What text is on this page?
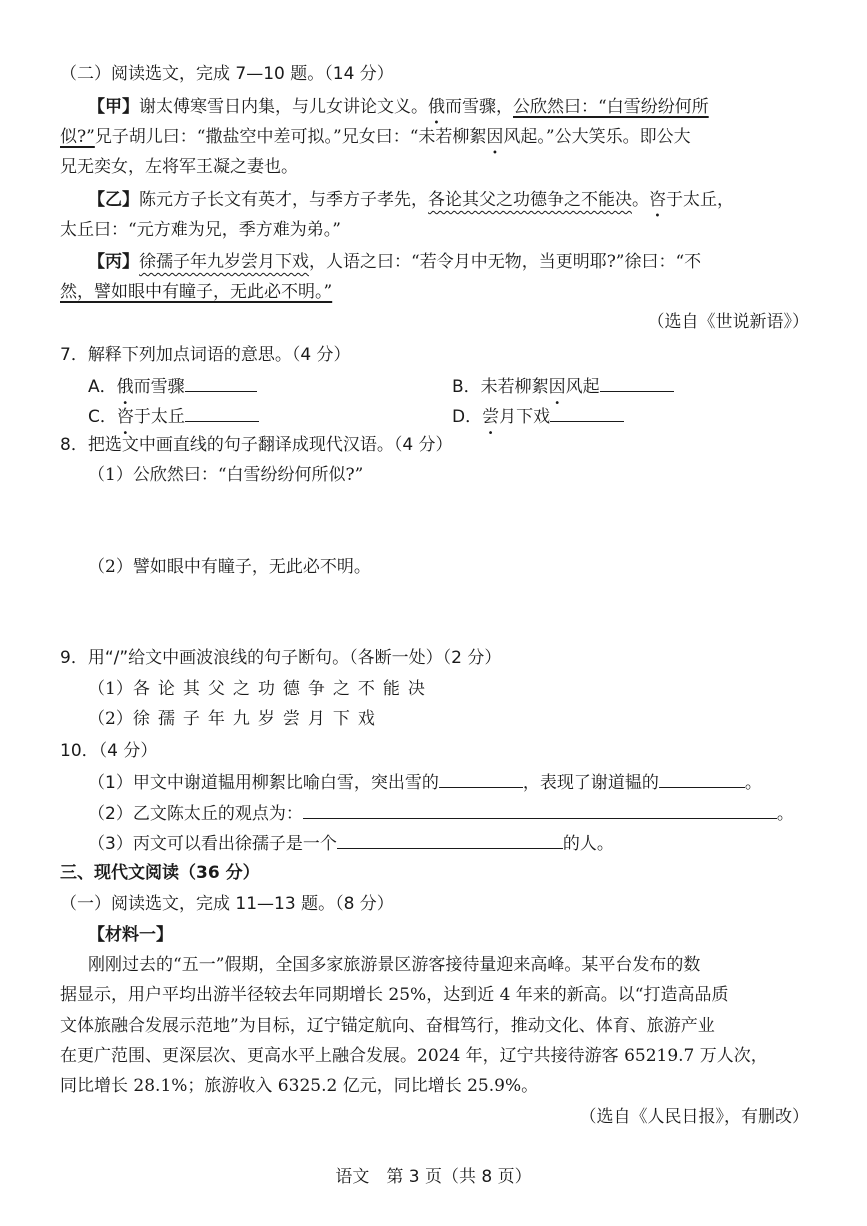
（二）阅读选文，完成 7—10 题。（14 分）
【甲】谢太傅寒雪日内集，与儿女讲论文义。俄而雪骤，公欣然曰：“白雪纷纷何所
似?”兄子胡儿曰：“撒盐空中差可拟。”兄女曰：“未若柳絮因风起。”公大笑乐。即公大
兄无奕女，左将军王凝之妻也。
【乙】陈元方子长文有英才，与季方子孝先，各论其父之功德争之不能决。咨于太丘，
太丘曰：“元方难为兄，季方难为弟。”
【丙】徐孺子年九岁尝月下戏，人语之曰：“若令月中无物，当更明耶?”徐曰：“不
然，譬如眼中有瞳子，无此必不明。”
（选自《世说新语》）
7．解释下列加点词语的意思。（4 分）
A．俄而雪骤	B．未若柳絮因风起
C．咨于太丘	D．尝月下戏
8．把选文中画直线的句子翻译成现代汉语。（4 分）
（1）公欣然曰：“白雪纷纷何所似?”
（2）譬如眼中有瞳子，无此必不明。
9．用“/”给文中画波浪线的句子断句。（各断一处）（2 分）
（1）各论其父之功德争之不能决
（2）徐孺子年九岁尝月下戏
10．（4 分）
（1）甲文中谢道韫用柳絮比喻白雪，突出雪的	，表现了谢道韫的	。
（2）乙文陈太丘的观点为：	。
（3）丙文可以看出徐孺子是一个	的人。
三、现代文阅读（36 分）
（一）阅读选文，完成 11—13 题。（8 分）
【材料一】
刚刚过去的“五一”假期，全国多家旅游景区游客接待量迎来高峰。某平台发布的数
据显示，用户平均出游半径较去年同期增长 25%，达到近 4 年来的新高。以“打造高品质
文体旅融合发展示范地”为目标，辽宁锚定航向、奋楫笃行，推动文化、体育、旅游产业
在更广范围、更深层次、更高水平上融合发展。2024 年，辽宁共接待游客 65219.7 万人次，
同比增长 28.1%；旅游收入 6325.2 亿元，同比增长 25.9%。
（选自《人民日报》，有删改）
语文　第 3 页（共 8 页）
